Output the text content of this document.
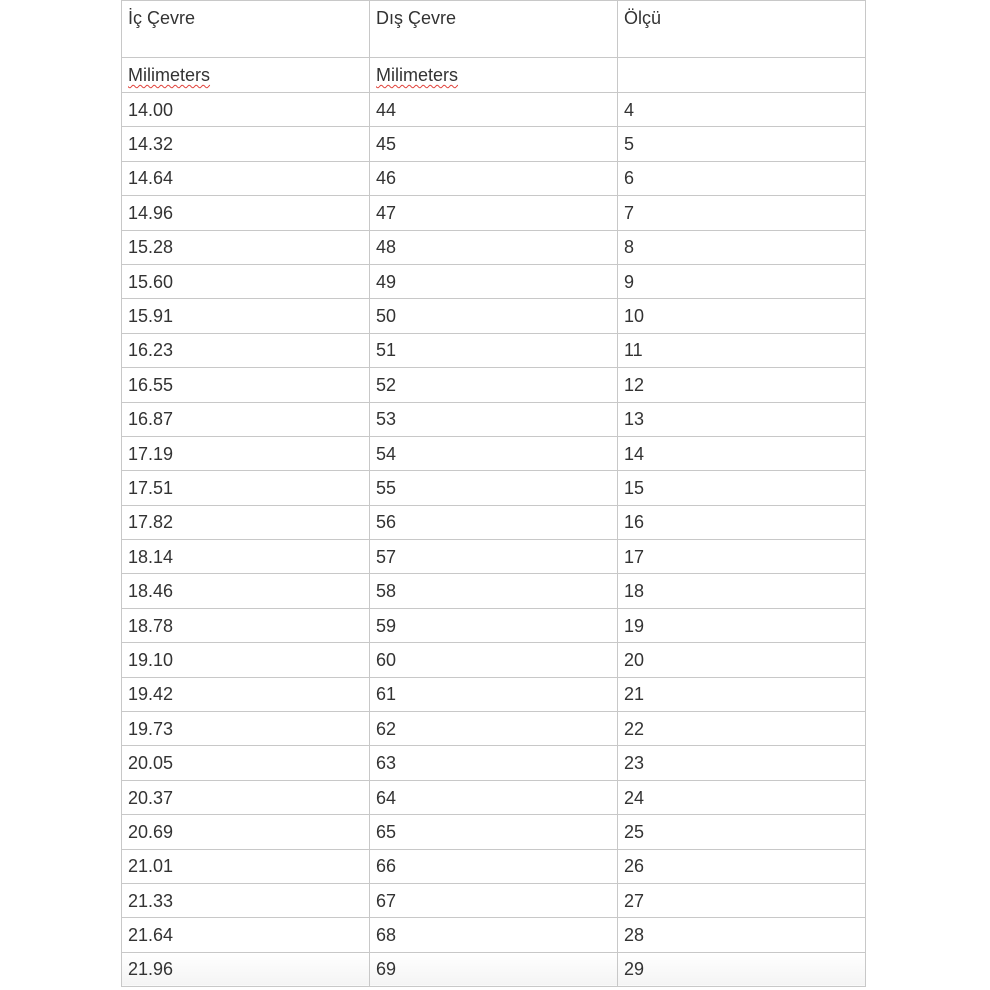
İç Çevre	Dış Çevre	Ölçü
Milimeters	Milimeters	
14.00	44	4
14.32	45	5
14.64	46	6
14.96	47	7
15.28	48	8
15.60	49	9
15.91	50	10
16.23	51	11
16.55	52	12
16.87	53	13
17.19	54	14
17.51	55	15
17.82	56	16
18.14	57	17
18.46	58	18
18.78	59	19
19.10	60	20
19.42	61	21
19.73	62	22
20.05	63	23
20.37	64	24
20.69	65	25
21.01	66	26
21.33	67	27
21.64	68	28
21.96	69	29
